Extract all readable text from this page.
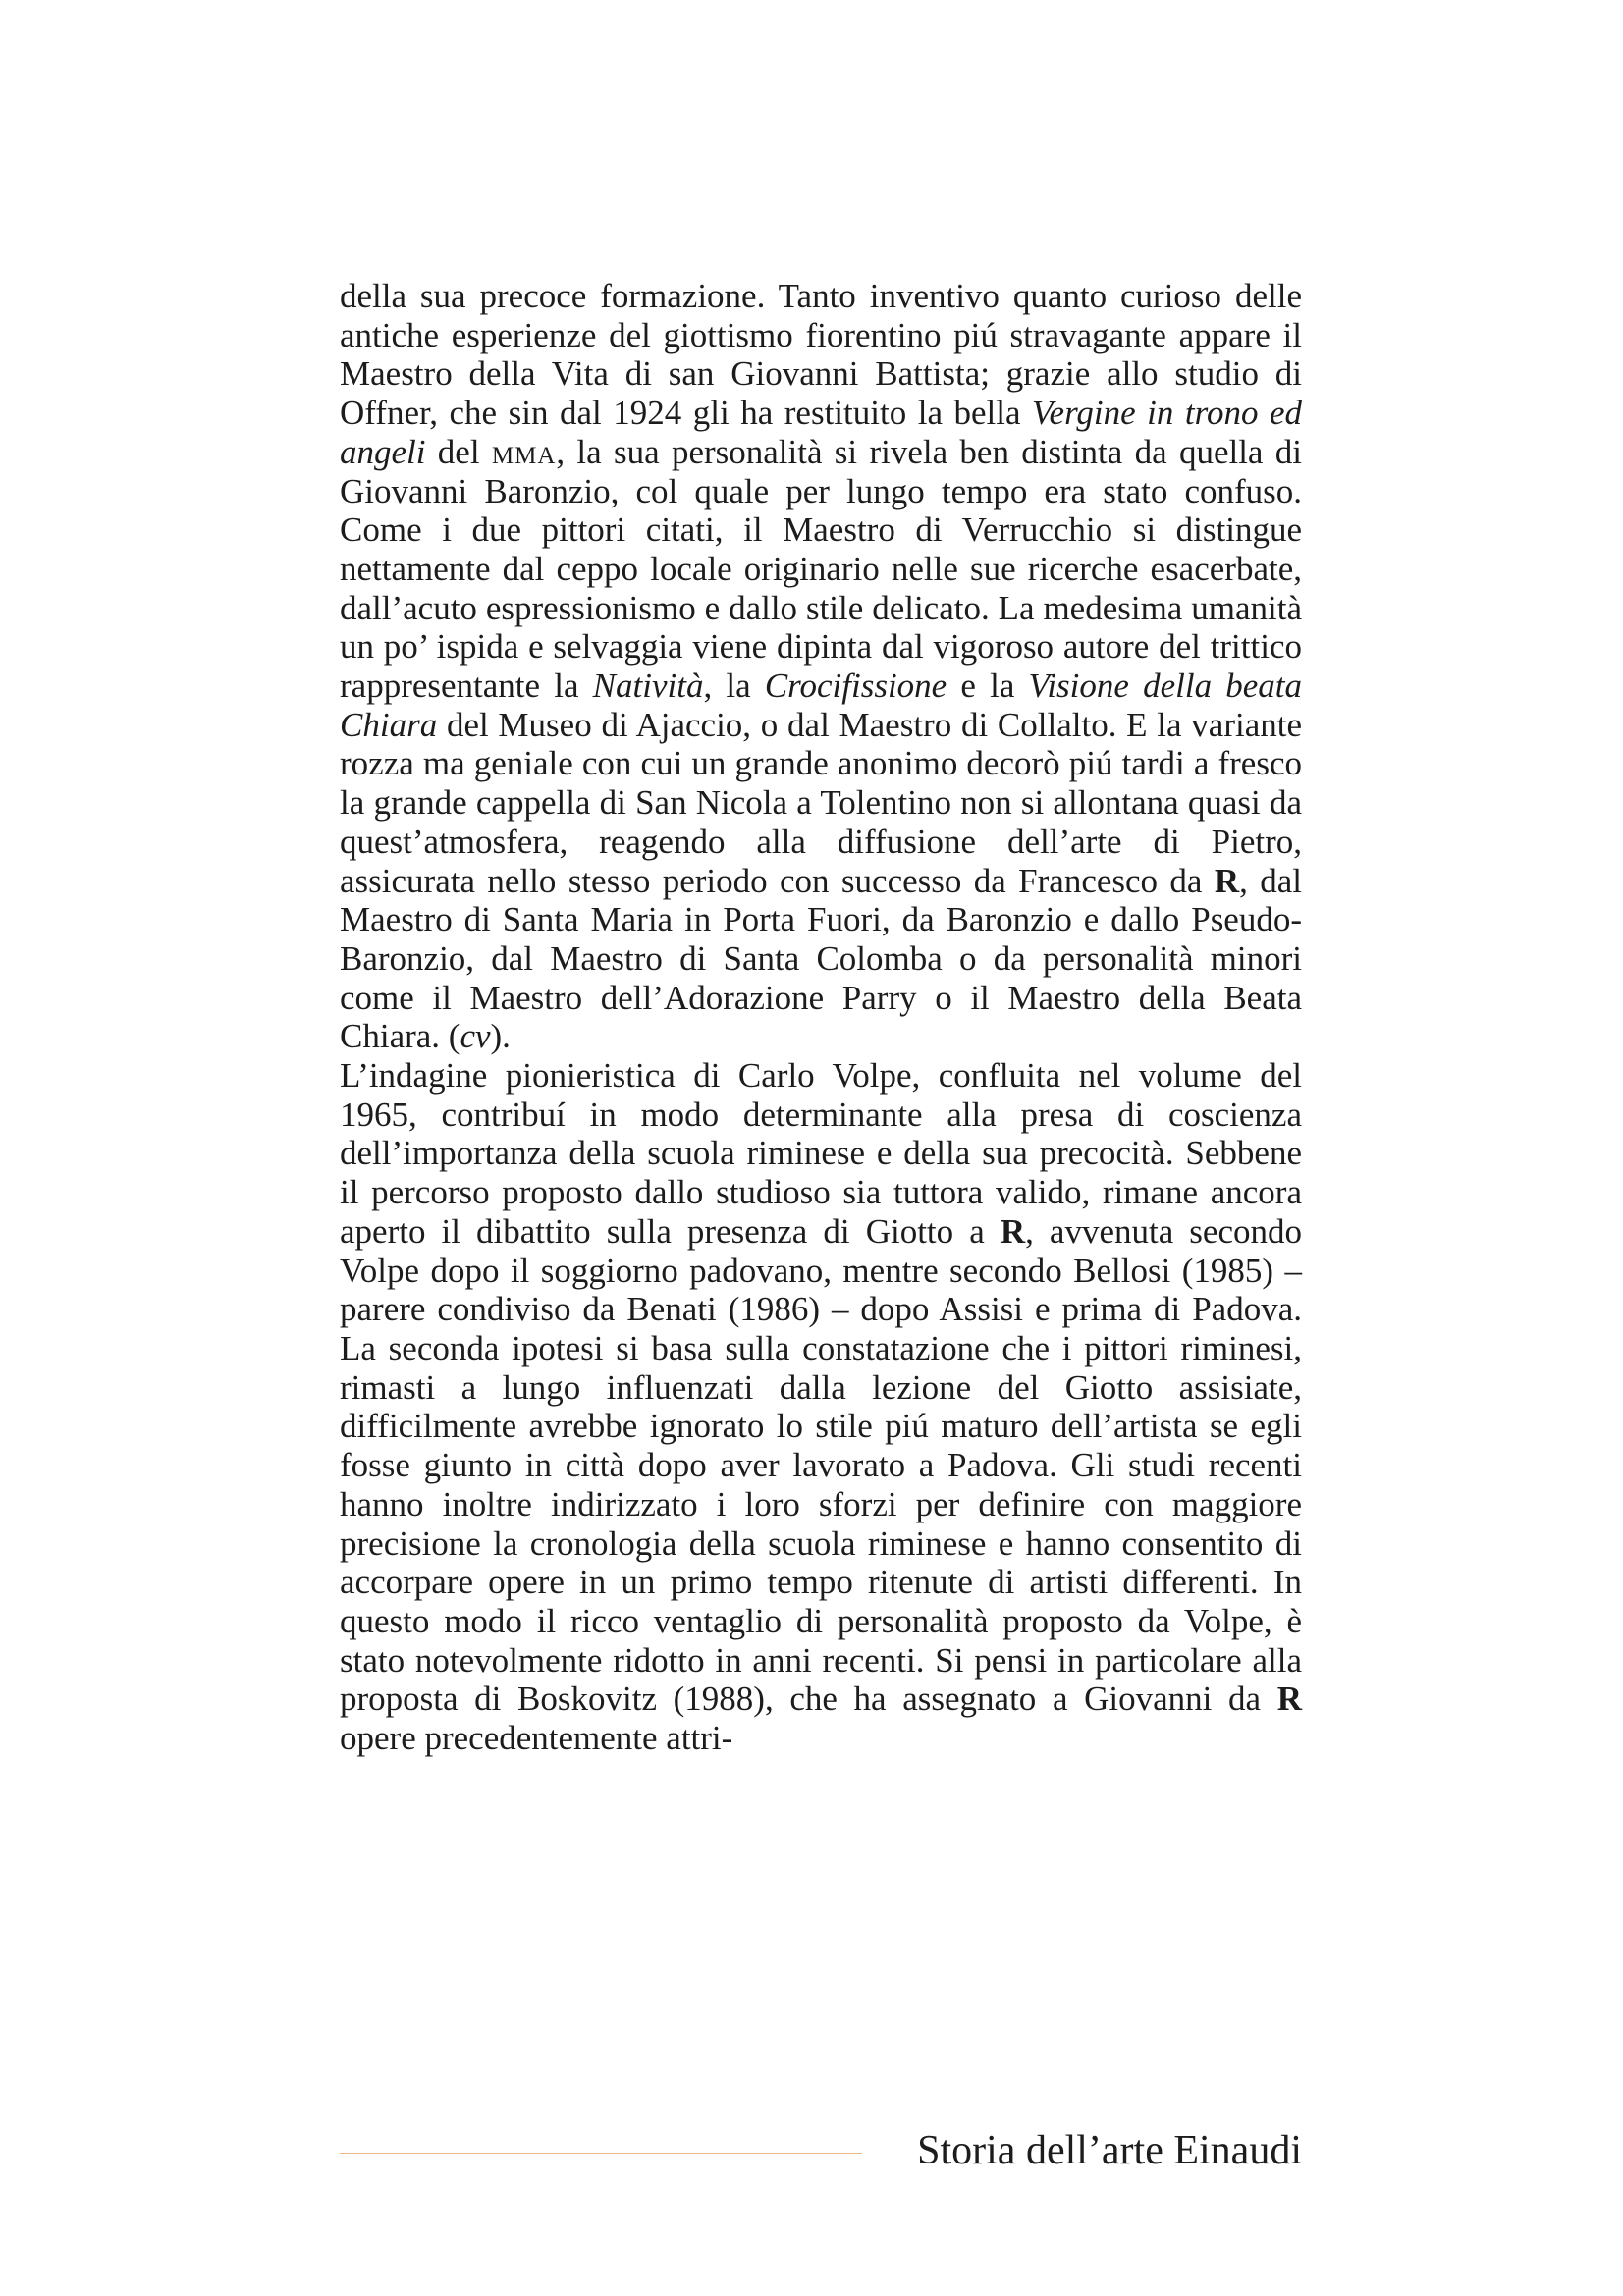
della sua precoce formazione. Tanto inventivo quanto curioso delle antiche esperienze del giottismo fiorentino piú stravagante appare il Maestro della Vita di san Giovanni Battista; grazie allo studio di Offner, che sin dal 1924 gli ha restituito la bella Vergine in trono ed angeli del mma, la sua personalità si rivela ben distinta da quella di Giovanni Baronzio, col quale per lungo tempo era stato confuso. Come i due pittori citati, il Maestro di Verrucchio si distingue nettamente dal ceppo locale originario nelle sue ricerche esacerbate, dall’acuto espressionismo e dallo stile delicato. La medesima umanità un po’ ispida e selvaggia viene dipinta dal vigoroso autore del trittico rappresentante la Natività, la Crocifissione e la Visione della beata Chiara del Museo di Ajaccio, o dal Maestro di Collalto. E la variante rozza ma geniale con cui un grande anonimo decorò piú tardi a fresco la grande cappella di San Nicola a Tolentino non si allontana quasi da quest’atmosfera, reagendo alla diffusione dell’arte di Pietro, assicurata nello stesso periodo con successo da Francesco da R, dal Maestro di Santa Maria in Porta Fuori, da Baronzio e dallo Pseudo-Baronzio, dal Maestro di Santa Colomba o da personalità minori come il Maestro dell’Adorazione Parry o il Maestro della Beata Chiara. (cv).

L’indagine pionieristica di Carlo Volpe, confluita nel volume del 1965, contribuí in modo determinante alla presa di coscienza dell’importanza della scuola riminese e della sua precocità. Sebbene il percorso proposto dallo studioso sia tuttora valido, rimane ancora aperto il dibattito sulla presenza di Giotto a R, avvenuta secondo Volpe dopo il soggiorno padovano, mentre secondo Bellosi (1985) – parere condiviso da Benati (1986) – dopo Assisi e prima di Padova. La seconda ipotesi si basa sulla constatazione che i pittori riminesi, rimasti a lungo influenzati dalla lezione del Giotto assisiate, difficilmente avrebbe ignorato lo stile piú maturo dell’artista se egli fosse giunto in città dopo aver lavorato a Padova. Gli studi recenti hanno inoltre indirizzato i loro sforzi per definire con maggiore precisione la cronologia della scuola riminese e hanno consentito di accorpare opere in un primo tempo ritenute di artisti differenti. In questo modo il ricco ventaglio di personalità proposto da Volpe, è stato notevolmente ridotto in anni recenti. Si pensi in particolare alla proposta di Boskovitz (1988), che ha assegnato a Giovanni da R opere precedentemente attri-

Storia dell’arte Einaudi
